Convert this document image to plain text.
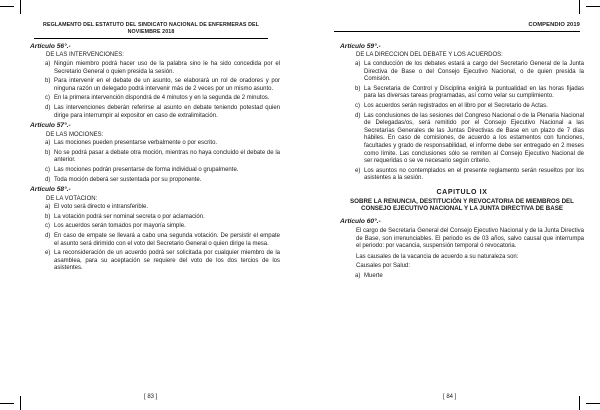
REGLAMENTO DEL ESTATUTO DEL SINDICATO NACIONAL DE ENFERMERAS DEL
NOVIEMBRE 2018

Artículo 56°.-

DE LAS INTERVENCIONES:

a) Ningún miembro podrá hacer uso de la palabra sino le ha sido concedida por el Secretario General o quien presida la sesión.
b) Para intervenir en el debate de un asunto, se elaborará un rol de oradores y por ninguna razón un delegado podrá intervenir más de 2 veces por un mismo asunto.
c) En la primera intervención dispondrá de 4 minutos y en la segunda de 2 minutos.
d) Las intervenciones deberán referirse al asunto en debate teniendo potestad quien dirige para interrumpir al expositor en caso de extralimitación.

Artículo 57°.-

DE LAS MOCIONES:

a) Las mociones pueden presentarse verbalmente o por escrito.
b) No se podrá pasar a debate otra moción, mientras no haya concluido el debate de la anterior.
c) Las mociones podrán presentarse de forma individual o grupalmente.
d) Toda moción deberá ser sustentada por su proponente.

Artículo 58°.-

DE LA VOTACION:

a) El voto será directo e intransferible.
b) La votación podrá ser nominal secreta o por aclamación.
c) Los acuerdos serán tomados por mayoría simple.
d) En caso de empate se llevará a cabo una segunda votación. De persistir el empate el asunto será dirimido con el voto del Secretario General o quien dirige la mesa.
e) La reconsideración de un acuerdo podrá ser solicitada por cualquier miembro de la asamblea, para su aceptación se requiere del voto de los dos tercios de los asistentes.
[ 83 ]
COMPENDIO 2019

Artículo 59°.-

DE LA DIRECCION DEL DEBATE Y LOS ACUERDOS:

a) La conducción de los debates estará a cargo del Secretario General de la Junta Directiva de Base o del Consejo Ejecutivo Nacional, o de quien presida la Comisión.
b) La Secretaria de Control y Disciplina exigirá la puntualidad en las horas fijadas para las diversas tareas programadas, así como velar su cumplimiento.
c) Los acuerdos serán registrados en el libro por el Secretario de Actas.
d) Las conclusiones de las sesiones del Congreso Nacional o de la Plenaria Nacional de Delegadas/os, será remitido por el Consejo Ejecutivo Nacional a las Secretarías Generales de las Juntas Directivas de Base en un plazo de 7 días hábiles. En caso de comisiones, de acuerdo a los estamentos con funciones, facultades y grado de responsabilidad, el informe debe ser entregado en 2 meses como límite. Las conclusiones sólo se remiten al Consejo Ejecutivo Nacional de ser requeridas o se ve necesario según criterio.
e) Los asuntos no contemplados en el presente reglamento serán resueltos por los asistentes a la sesión.
CAPITULO IX
SOBRE LA RENUNCIA, DESTITUCIÓN Y REVOCATORIA DE MIEMBROS DEL CONSEJO EJECUTIVO NACIONAL Y LA JUNTA DIRECTIVA DE BASE

Artículo 60°.-

El cargo de Secretaria General del Consejo Ejecutivo Nacional y de la Junta Directiva de Base, son irrenunciables. El periodo es de 03 años, salvo causal que interrumpa el periodo: por vacancia, suspensión temporal ó revocatoria.

Las causales de la vacancia de acuerdo a su naturaleza son:

Causales por Salud:

a) Muerte
[ 84 ]
